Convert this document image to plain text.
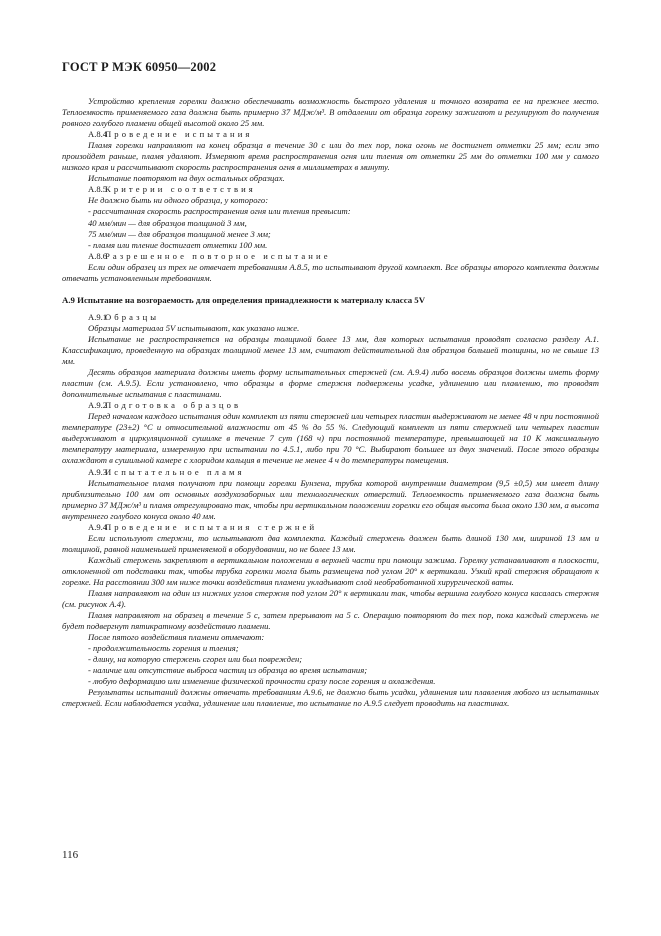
ГОСТ Р МЭК 60950—2002
Устройство крепления горелки должно обеспечивать возможность быстрого удаления и точного возврата ее на прежнее место. Теплоемкость применяемого газа должна быть примерно 37 МДж/м³. В отдалении от образца горелку зажигают и регулируют до получения ровного голубого пламени общей высотой около 25 мм.
А.8.4Проведение испытания
Пламя горелки направляют на конец образца в течение 30 с или до тех пор, пока огонь не достигнет отметки 25 мм; если это произойдет раньше, пламя удаляют. Измеряют время распространения огня или тления от отметки 25 мм до отметки 100 мм у самого низкого края и рассчитывают скорость распространения огня в миллиметрах в минуту.
Испытание повторяют на двух остальных образцах.
А.8.5Критерии соответствия
Не должно быть ни одного образца, у которого:
- рассчитанная скорость распространения огня или тления превысит:
40 мм/мин — для образцов толщиной 3 мм,
75 мм/мин — для образцов толщиной менее 3 мм;
- пламя или тление достигает отметки 100 мм.
А.8.6Разрешенное повторное испытание
Если один образец из трех не отвечает требованиям А.8.5, то испытывают другой комплект. Все образцы второго комплекта должны отвечать установленным требованиям.
А.9 Испытание на возгораемость для определения принадлежности к материалу класса 5V
А.9.1Образцы
Образцы материала 5V испытывают, как указано ниже.
Испытание не распространяется на образцы толщиной более 13 мм, для которых испытания проводят согласно разделу А.1. Классификацию, проведенную на образцах толщиной менее 13 мм, считают действительной для образцов большей толщины, но не свыше 13 мм.
Десять образцов материала должны иметь форму испытательных стержней (см. А.9.4) либо восемь образцов должны иметь форму пластин (см. А.9.5). Если установлено, что образцы в форме стержня подвержены усадке, удлинению или плавлению, то проводят дополнительные испытания с пластинами.
А.9.2Подготовка образцов
Перед началом каждого испытания один комплект из пяти стержней или четырех пластин выдерживают не менее 48 ч при постоянной температуре (23±2) °С и относительной влажности от 45 % до 55 %. Следующий комплект из пяти стержней или четырех пластин выдерживают в циркуляционной сушилке в течение 7 сут (168 ч) при постоянной температуре, превышающей на 10 К максимальную температуру материала, измеренную при испытании по 4.5.1, либо при 70 °С. Выбирают большее из двух значений. После этого образцы охлаждают в сушильной камере с хлоридом кальция в течение не менее 4 ч до температуры помещения.
А.9.3Испытательное пламя
Испытательное пламя получают при помощи горелки Бунзена, трубка которой внутренним диаметром (9,5 ±0,5) мм имеет длину приблизительно 100 мм от основных воздухозаборных или технологических отверстий. Теплоемкость применяемого газа должна быть примерно 37 МДж/м³ и пламя отрегулировано так, чтобы при вертикальном положении горелки его общая высота была около 130 мм, а высота внутреннего голубого конуса около 40 мм.
А.9.4Проведение испытания стержней
Если используют стержни, то испытывают два комплекта. Каждый стержень должен быть длиной 130 мм, шириной 13 мм и толщиной, равной наименьшей применяемой в оборудовании, но не более 13 мм.
Каждый стержень закрепляют в вертикальном положении в верхней части при помощи зажима. Горелку устанавливают в плоскости, отклоненной от подставки так, чтобы трубка горелки могла быть размещена под углом 20° к вертикали. Узкий край стержня обращают к горелке. На расстоянии 300 мм ниже точки воздействия пламени укладывают слой необработанной хирургической ваты.
Пламя направляют на один из нижних углов стержня под углом 20° к вертикали так, чтобы вершина голубого конуса касалась стержня (см. рисунок А.4).
Пламя направляют на образец в течение 5 с, затем прерывают на 5 с. Операцию повторяют до тех пор, пока каждый стержень не будет подвергнут пятикратному воздействию пламени.
После пятого воздействия пламени отмечают:
- продолжительность горения и тления;
- длину, на которую стержень сгорел или был поврежден;
- наличие или отсутствие выброса частиц из образца во время испытания;
- любую деформацию или изменение физической прочности сразу после горения и охлаждения.
Результаты испытаний должны отвечать требованиям А.9.6, не должно быть усадки, удлинения или плавления любого из испытанных стержней. Если наблюдается усадка, удлинение или плавление, то испытание по А.9.5 следует проводить на пластинах.
116
